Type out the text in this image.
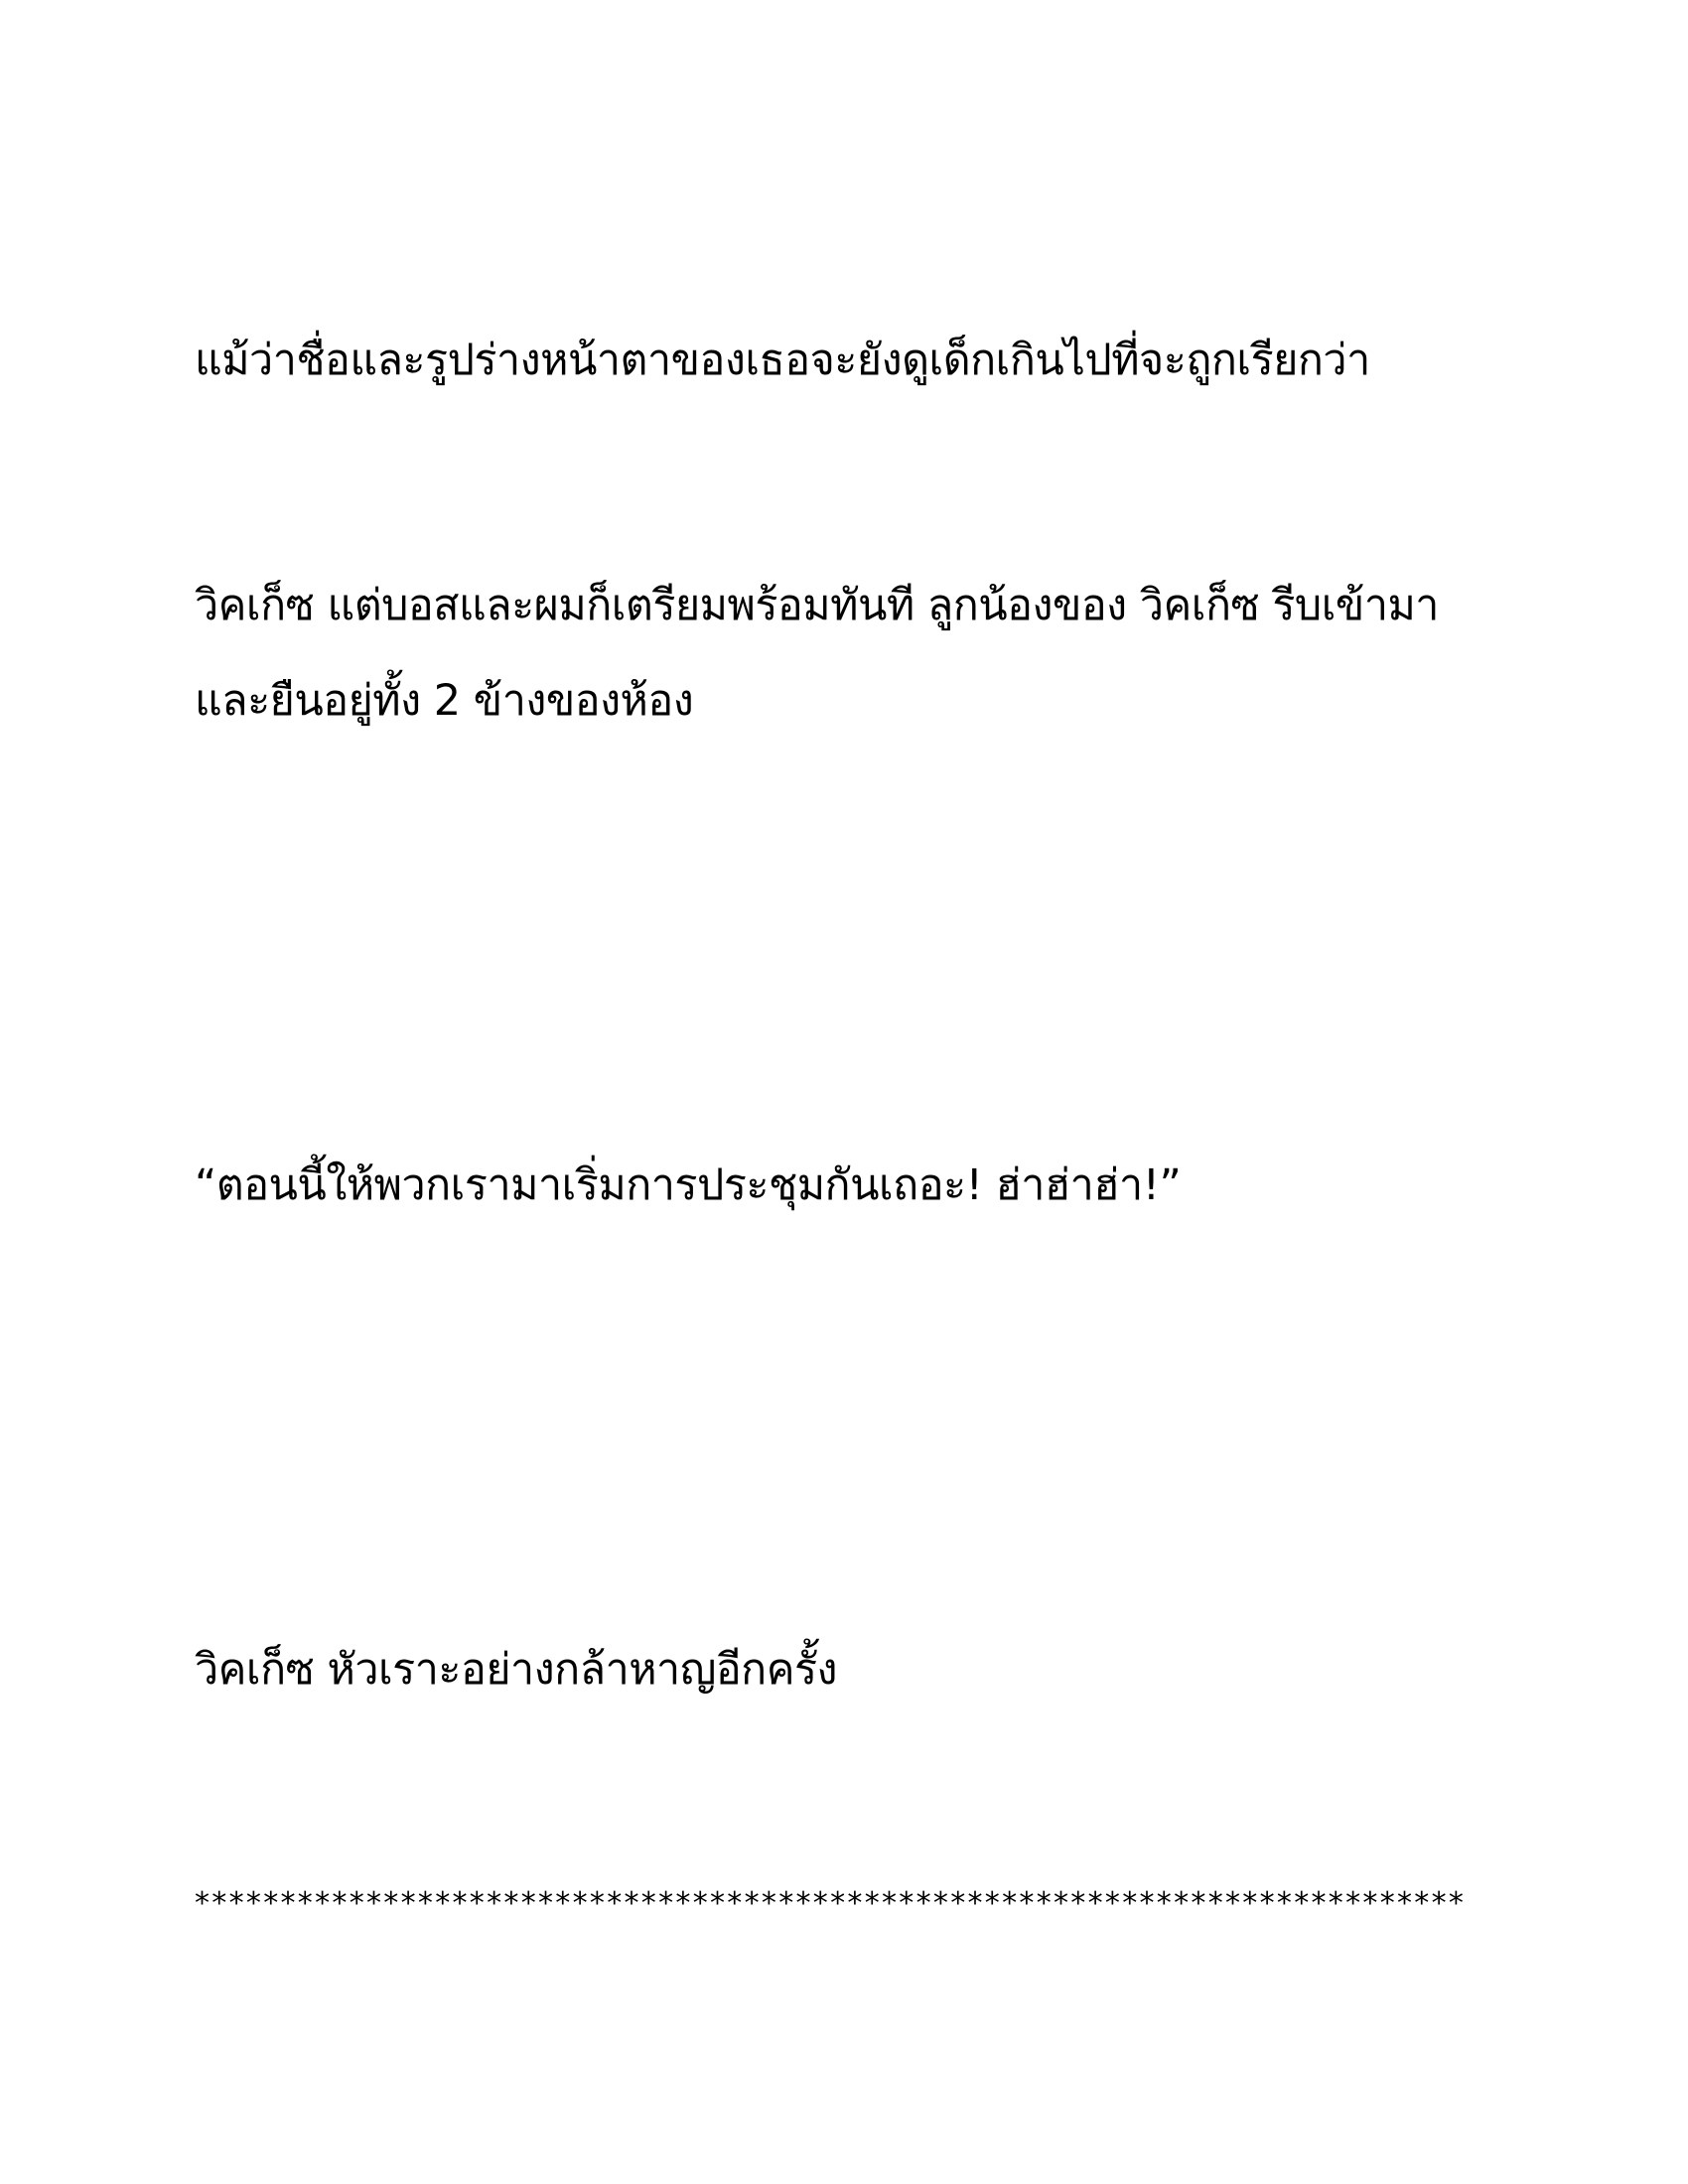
แม้ว่าชื่อและรูปร่างหน้าตาของเธอจะยังดูเด็กเกินไปที่จะถูกเรียกว่า
วิคเก็ซ แต่บอสและผมก็เตรียมพร้อมทันที ลูกน้องของ วิคเก็ซ รีบเข้ามา
และยืนอยู่ทั้ง 2 ข้างของห้อง
“ตอนนี้ให้พวกเรามาเริ่มการประชุมกันเถอะ! ฮ่าฮ่าฮ่า!”
วิคเก็ซ หัวเราะอย่างกล้าหาญอีกครั้ง
**************************************************************************
